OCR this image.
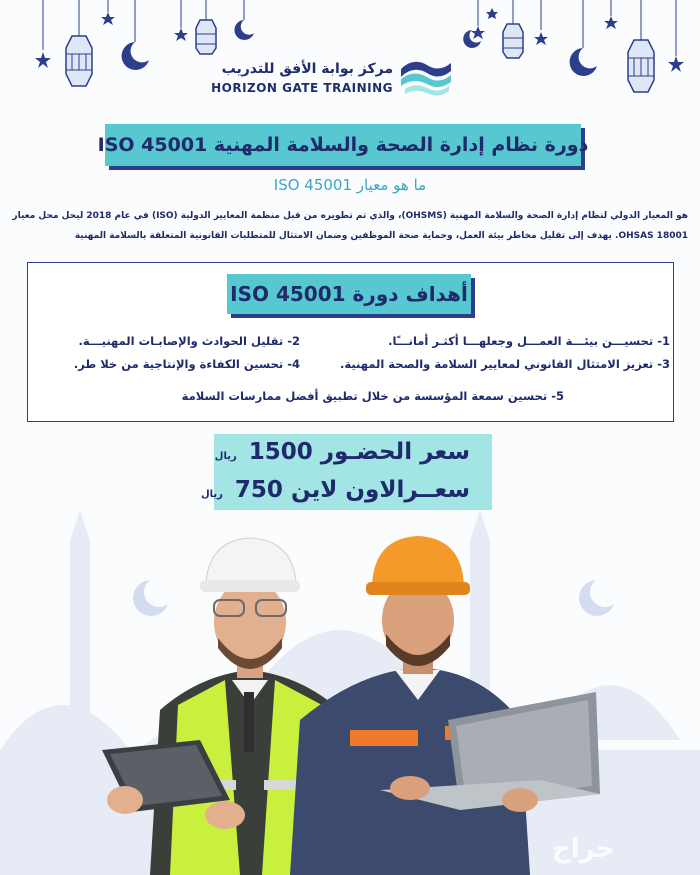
مركز بوابة الأفق للتدريب
HORIZON GATE TRAINING
دورة نظام إدارة الصحة والسلامة المهنية ISO 45001
ما هو معيار ISO 45001
هو المعيار الدولي لنظام إدارة الصحة والسلامة المهنية (OHSMS)، والذي تم تطويره من قبل منظمة المعايير الدولية (ISO) في عام 2018 ليحل محل معيار
OHSAS 18001. يهدف إلى تقليل مخاطر بيئة العمل، وحماية صحة الموظفين وضمان الامتثال للمتطلبات القانونية المتعلقة بالسلامة المهنية
أهداف دورة ISO 45001
1- تحسيـــن بيئـــة العمـــل وجعلهـــا أكثـر أمانـــًا.
2- تقليل الحوادث والإصابـات المهنيـــة.
3- تعزيز الامتثال القانوني لمعايير السلامة والصحة المهنية.
4- تحسين الكفاءة والإنتاجية من خلا طر.
5- تحسين سمعة المؤسسة من خلال تطبيق أفضل ممارسات السلامة
سعر الحضـور 1500 ريال
سعــرالاون لاين 750 ريال
حراج
